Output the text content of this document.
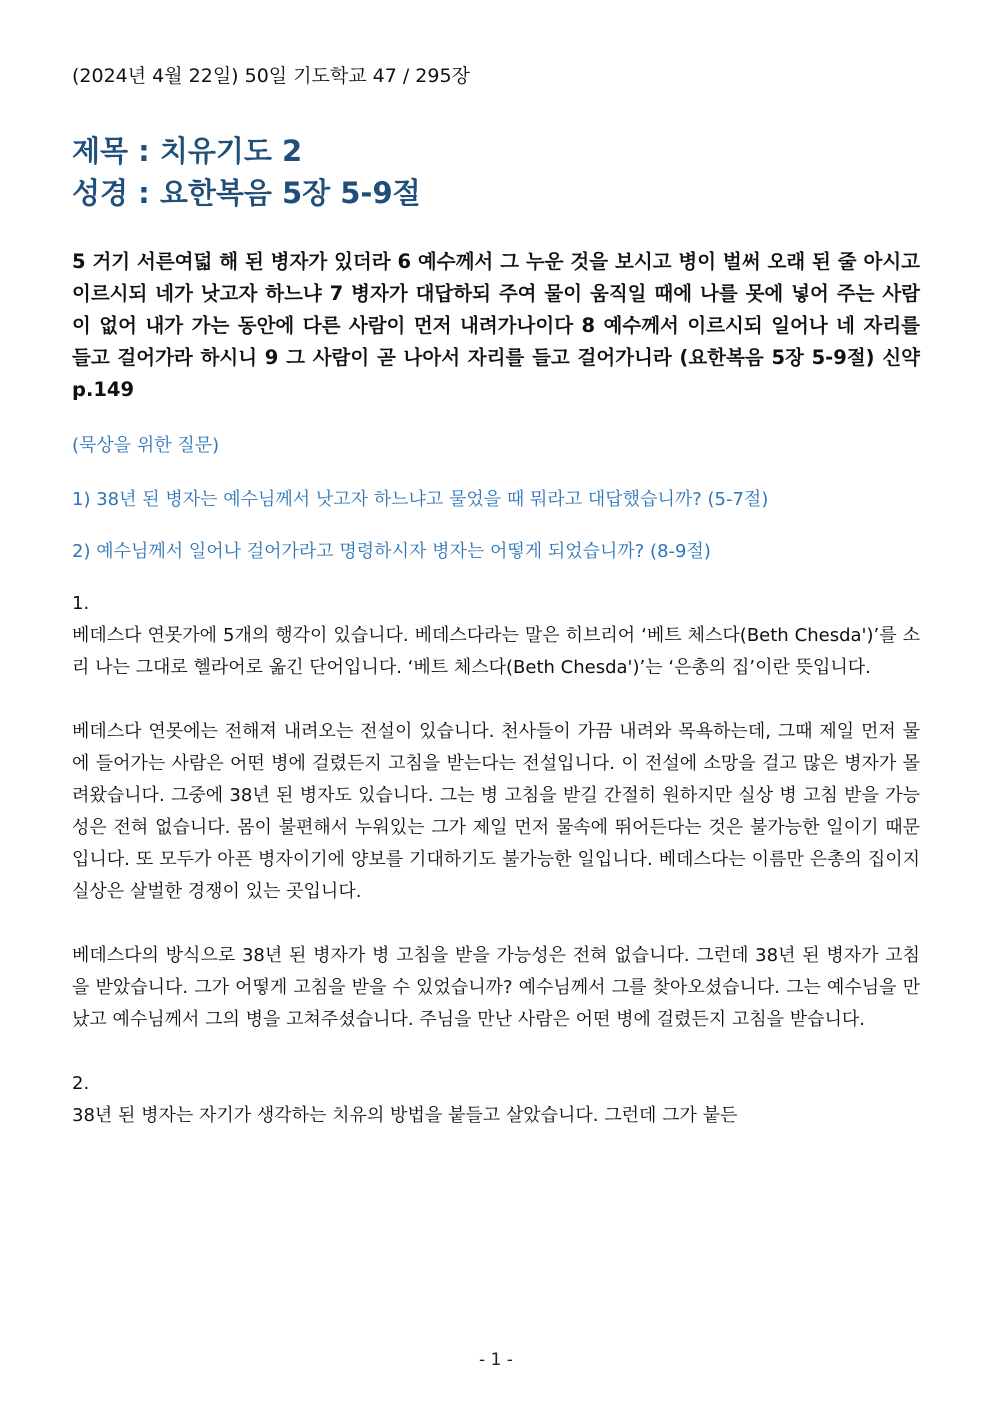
(2024년 4월 22일) 50일 기도학교 47 / 295장

제목 : 치유기도 2
성경 : 요한복음 5장 5-9절

5 거기 서른여덟 해 된 병자가 있더라 6 예수께서 그 누운 것을 보시고 병이 벌써 오래 된 줄 아시고 이르시되 네가 낫고자 하느냐 7 병자가 대답하되 주여 물이 움직일 때에 나를 못에 넣어 주는 사람이 없어 내가 가는 동안에 다른 사람이 먼저 내려가나이다 8 예수께서 이르시되 일어나 네 자리를 들고 걸어가라 하시니 9 그 사람이 곧 나아서 자리를 들고 걸어가니라 (요한복음 5장 5-9절) 신약 p.149

(묵상을 위한 질문)

1) 38년 된 병자는 예수님께서 낫고자 하느냐고 물었을 때 뭐라고 대답했습니까? (5-7절)

2) 예수님께서 일어나 걸어가라고 명령하시자 병자는 어떻게 되었습니까? (8-9절)

1.

베데스다 연못가에 5개의 행각이 있습니다. 베데스다라는 말은 히브리어 ‘베트 체스다(Beth Chesda')’를 소리 나는 그대로 헬라어로 옮긴 단어입니다. ‘베트 체스다(Beth Chesda')’는 ‘은총의 집’이란 뜻입니다.

베데스다 연못에는 전해져 내려오는 전설이 있습니다. 천사들이 가끔 내려와 목욕하는데, 그때 제일 먼저 물에 들어가는 사람은 어떤 병에 걸렸든지 고침을 받는다는 전설입니다. 이 전설에 소망을 걸고 많은 병자가 몰려왔습니다. 그중에 38년 된 병자도 있습니다. 그는 병 고침을 받길 간절히 원하지만 실상 병 고침 받을 가능성은 전혀 없습니다. 몸이 불편해서 누워있는 그가 제일 먼저 물속에 뛰어든다는 것은 불가능한 일이기 때문입니다. 또 모두가 아픈 병자이기에 양보를 기대하기도 불가능한 일입니다. 베데스다는 이름만 은총의 집이지 실상은 살벌한 경쟁이 있는 곳입니다.

베데스다의 방식으로 38년 된 병자가 병 고침을 받을 가능성은 전혀 없습니다. 그런데 38년 된 병자가 고침을 받았습니다. 그가 어떻게 고침을 받을 수 있었습니까? 예수님께서 그를 찾아오셨습니다. 그는 예수님을 만났고 예수님께서 그의 병을 고쳐주셨습니다. 주님을 만난 사람은 어떤 병에 걸렸든지 고침을 받습니다.

2.

38년 된 병자는 자기가 생각하는 치유의 방법을 붙들고 살았습니다. 그런데 그가 붙든

- 1 -
